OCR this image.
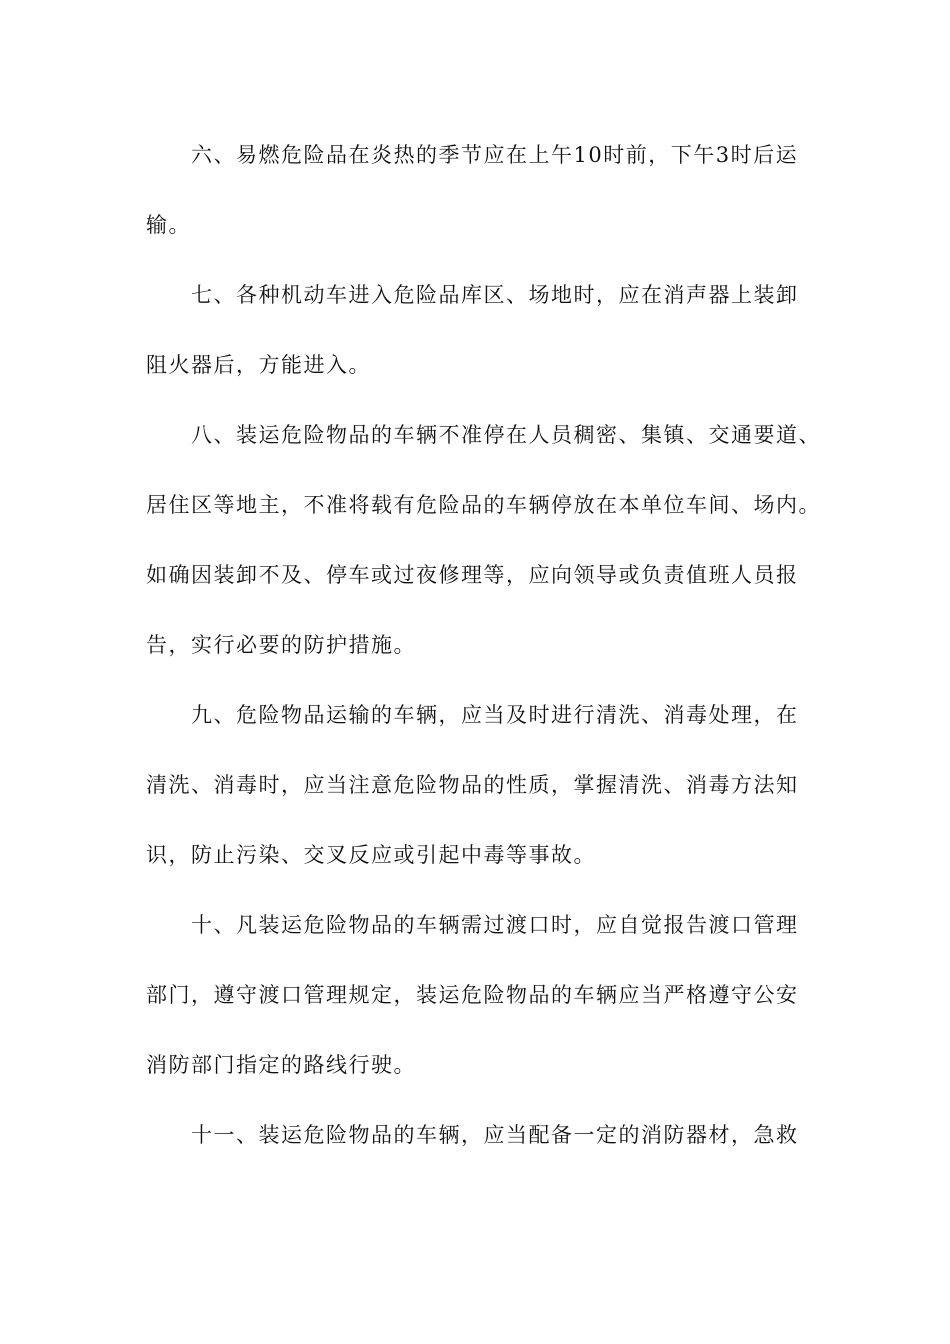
六、易燃危险品在炎热的季节应在上午10时前，下午3时后运
输。
七、各种机动车进入危险品库区、场地时，应在消声器上装卸
阻火器后，方能进入。
八、装运危险物品的车辆不准停在人员稠密、集镇、交通要道、
居住区等地主，不准将载有危险品的车辆停放在本单位车间、场内。
如确因装卸不及、停车或过夜修理等，应向领导或负责值班人员报
告，实行必要的防护措施。
九、危险物品运输的车辆，应当及时进行清洗、消毒处理，在
清洗、消毒时，应当注意危险物品的性质，掌握清洗、消毒方法知
识，防止污染、交叉反应或引起中毒等事故。
十、凡装运危险物品的车辆需过渡口时，应自觉报告渡口管理
部门，遵守渡口管理规定，装运危险物品的车辆应当严格遵守公安
消防部门指定的路线行驶。
十一、装运危险物品的车辆，应当配备一定的消防器材，急救
